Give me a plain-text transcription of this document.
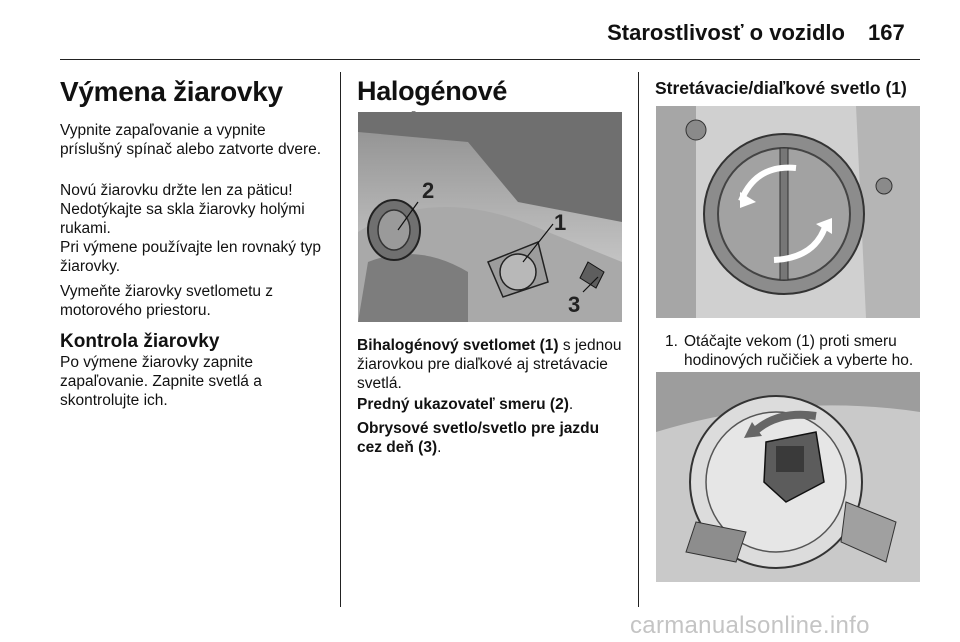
Starostlivosť o vozidlo 167
Výmena žiarovky
Vypnite zapaľovanie a vypnite príslušný spínač alebo zatvorte dvere.
Novú žiarovku držte len za päticu! Nedotýkajte sa skla žiarovky holými rukami.
Pri výmene používajte len rovnaký typ žiarovky.
Vymeňte žiarovky svetlometu z motorového priestoru.
Kontrola žiarovky
Po výmene žiarovky zapnite zapaľovanie. Zapnite svetlá a skontrolujte ich.
Halogénové
2
1
3
Bihalogénový svetlomet (1) s jednou žiarovkou pre diaľkové aj stretávacie svetlá.
Predný ukazovateľ smeru (2).
Obrysové svetlo/svetlo pre jazdu cez deň (3).
Stretávacie/diaľkové svetlo (1)
1. Otáčajte vekom (1) proti smeru hodinových ručičiek a vyberte ho.
carmanualsonline.info
